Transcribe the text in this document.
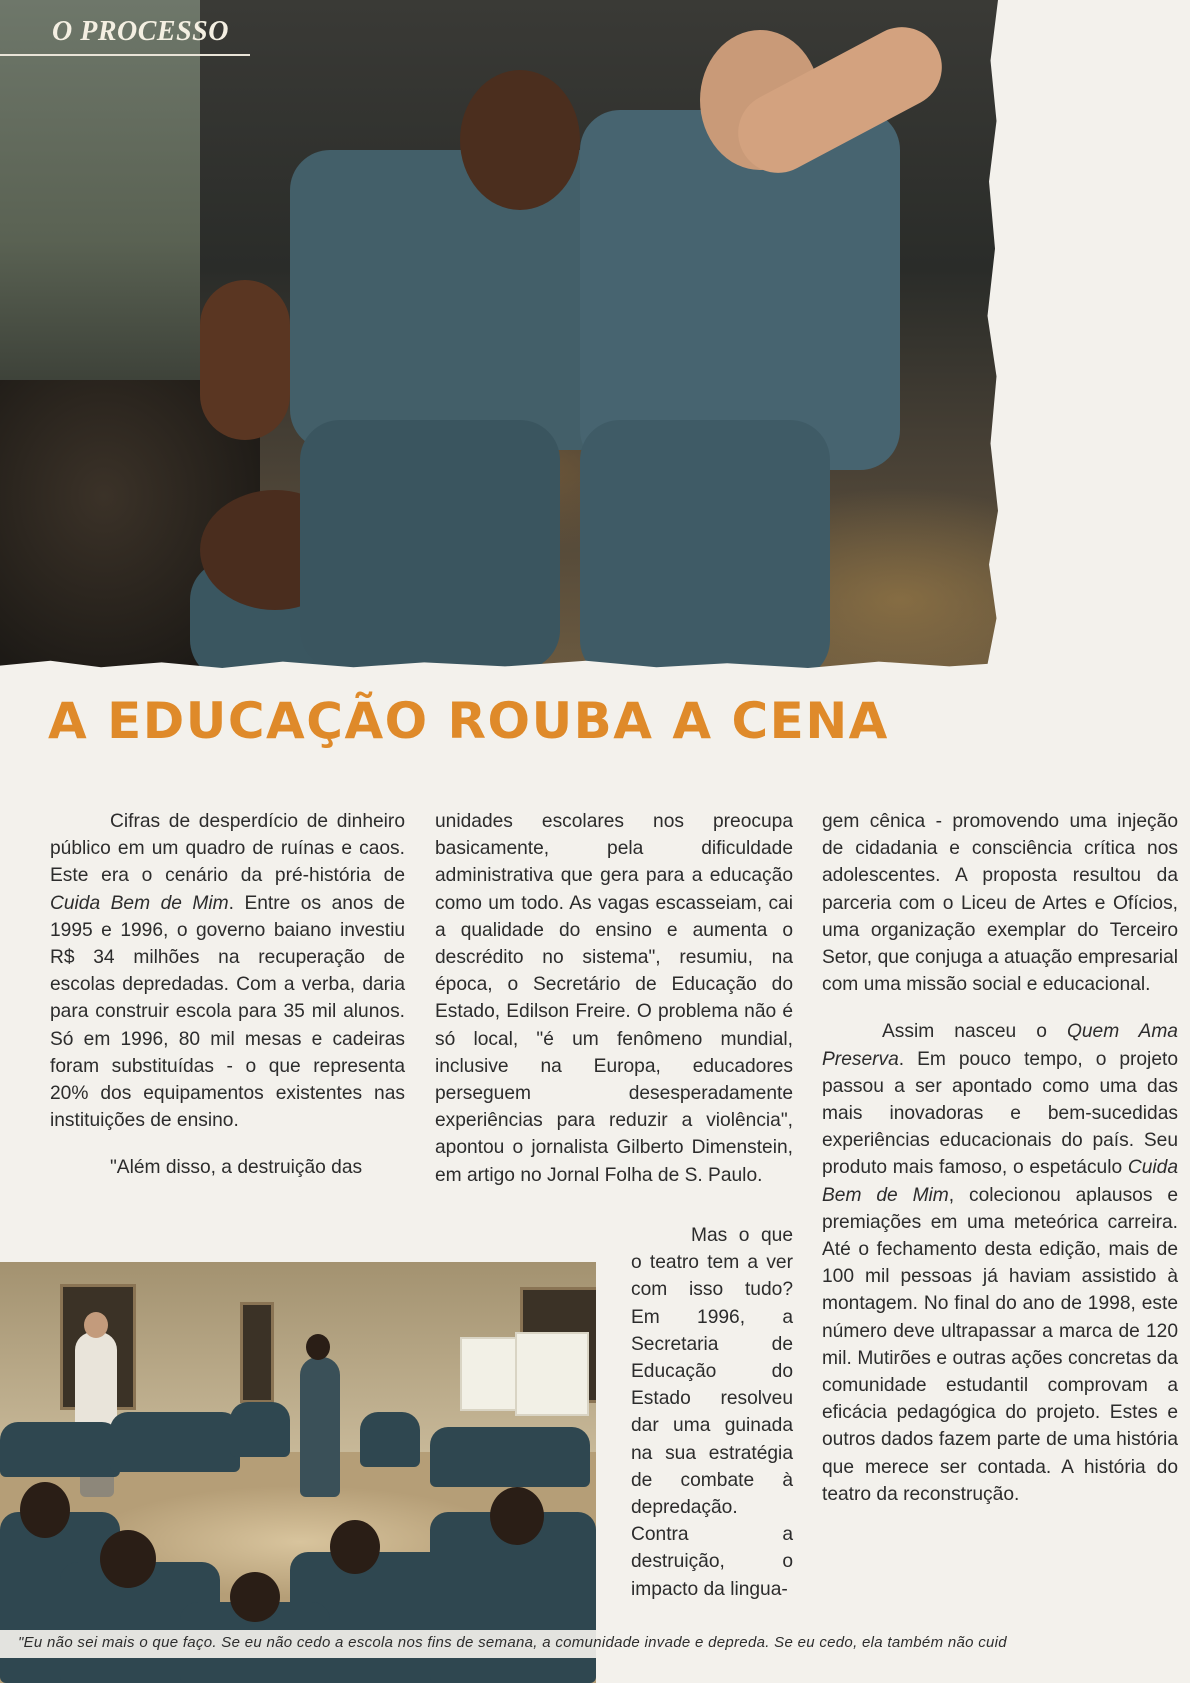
O PROCESSO
A EDUCAÇÃO ROUBA A CENA

Cifras de desperdício de dinheiro público em um quadro de ruínas e caos. Este era o cenário da pré-história de Cuida Bem de Mim. Entre os anos de 1995 e 1996, o governo baiano investiu R$ 34 milhões na recuperação de escolas depredadas. Com a verba, daria para construir escola para 35 mil alunos. Só em 1996, 80 mil mesas e cadeiras foram substituídas - o que representa 20% dos equipamentos existentes nas instituições de ensino.

"Além disso, a destruição das

unidades escolares nos preocupa basicamente, pela dificuldade administrativa que gera para a educação como um todo. As vagas escasseiam, cai a qualidade do ensino e aumenta o descrédito no sistema", resumiu, na época, o Secretário de Educação do Estado, Edilson Freire. O problema não é só local, "é um fenômeno mundial, inclusive na Europa, educadores perseguem desesperadamente experiências para reduzir a violência", apontou o jornalista Gilberto Dimenstein, em artigo no Jornal Folha de S. Paulo.

Mas o que o teatro tem a ver com isso tudo? Em 1996, a Secretaria de Educação do Estado resolveu dar uma guinada na sua estratégia de combate à depredação. Contra a destruição, o impacto da lingua-

gem cênica - promovendo uma injeção de cidadania e consciência crítica nos adolescentes. A proposta resultou da parceria com o Liceu de Artes e Ofícios, uma organização exemplar do Terceiro Setor, que conjuga a atuação empresarial com uma missão social e educacional.

Assim nasceu o Quem Ama Preserva. Em pouco tempo, o projeto passou a ser apontado como uma das mais inovadoras e bem-sucedidas experiências educacionais do país. Seu produto mais famoso, o espetáculo Cuida Bem de Mim, colecionou aplausos e premiações em uma meteórica carreira. Até o fechamento desta edição, mais de 100 mil pessoas já haviam assistido à montagem. No final do ano de 1998, este número deve ultrapassar a marca de 120 mil. Mutirões e outras ações concretas da comunidade estudantil comprovam a eficácia pedagógica do projeto. Estes e outros dados fazem parte de uma história que merece ser contada. A história do teatro da reconstrução.

"Eu não sei mais o que faço. Se eu não cedo a escola nos fins de semana, a comunidade invade e depreda. Se eu cedo, ela também não cuid
